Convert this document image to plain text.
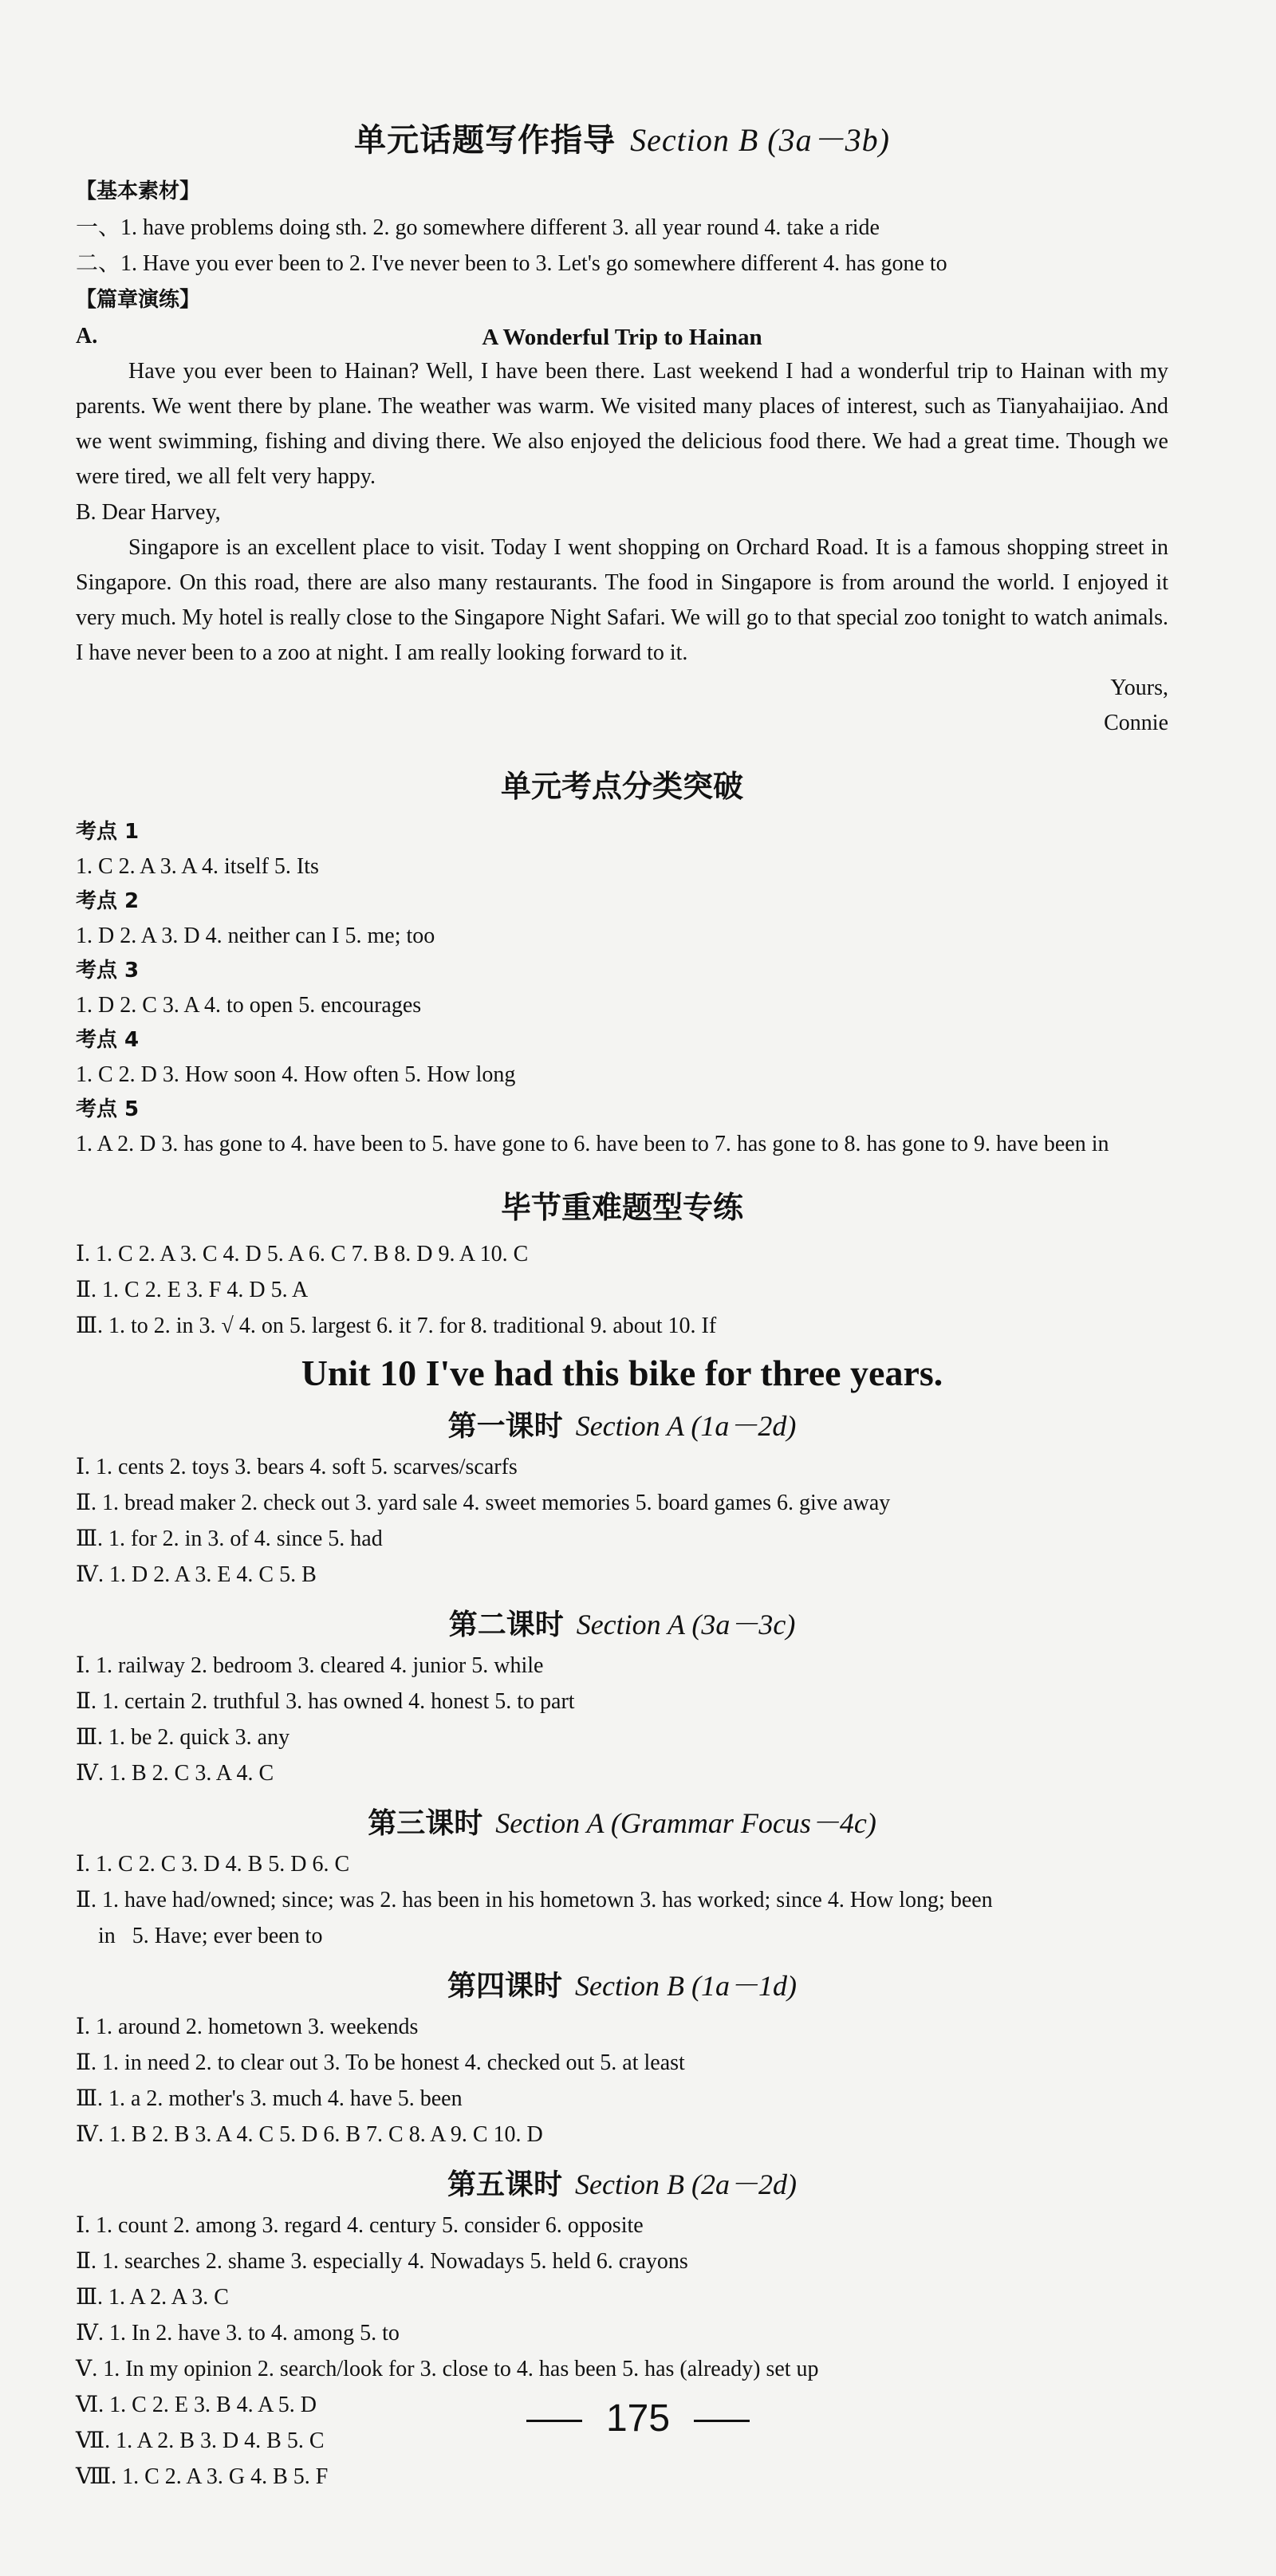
单元话题写作指导 Section B (3a－3b)
【基本素材】
一、1. have problems doing sth. 2. go somewhere different 3. all year round 4. take a ride
二、1. Have you ever been to 2. I've never been to 3. Let's go somewhere different 4. has gone to
【篇章演练】
A.	A Wonderful Trip to Hainan
Have you ever been to Hainan? Well, I have been there. Last weekend I had a wonderful trip to Hainan with my parents. We went there by plane. The weather was warm. We visited many places of interest, such as Tianyahaijiao. And we went swimming, fishing and diving there. We also enjoyed the delicious food there. We had a great time. Though we were tired, we all felt very happy.
B. Dear Harvey,
Singapore is an excellent place to visit. Today I went shopping on Orchard Road. It is a famous shopping street in Singapore. On this road, there are also many restaurants. The food in Singapore is from around the world. I enjoyed it very much. My hotel is really close to the Singapore Night Safari. We will go to that special zoo tonight to watch animals. I have never been to a zoo at night. I am really looking forward to it.
Yours,
Connie
单元考点分类突破
考点 1
1. C 2. A 3. A 4. itself 5. Its
考点 2
1. D 2. A 3. D 4. neither can I 5. me; too
考点 3
1. D 2. C 3. A 4. to open 5. encourages
考点 4
1. C 2. D 3. How soon 4. How often 5. How long
考点 5
1. A 2. D 3. has gone to 4. have been to 5. have gone to 6. have been to 7. has gone to 8. has gone to 9. have been in
毕节重难题型专练
Ⅰ. 1. C 2. A 3. C 4. D 5. A 6. C 7. B 8. D 9. A 10. C
Ⅱ. 1. C 2. E 3. F 4. D 5. A
Ⅲ. 1. to 2. in 3. √ 4. on 5. largest 6. it 7. for 8. traditional 9. about 10. If
Unit 10 I've had this bike for three years.
第一课时 Section A (1a－2d)
Ⅰ. 1. cents 2. toys 3. bears 4. soft 5. scarves/scarfs
Ⅱ. 1. bread maker 2. check out 3. yard sale 4. sweet memories 5. board games 6. give away
Ⅲ. 1. for 2. in 3. of 4. since 5. had
Ⅳ. 1. D 2. A 3. E 4. C 5. B
第二课时 Section A (3a－3c)
Ⅰ. 1. railway 2. bedroom 3. cleared 4. junior 5. while
Ⅱ. 1. certain 2. truthful 3. has owned 4. honest 5. to part
Ⅲ. 1. be 2. quick 3. any
Ⅳ. 1. B 2. C 3. A 4. C
第三课时 Section A (Grammar Focus－4c)
Ⅰ. 1. C 2. C 3. D 4. B 5. D 6. C
Ⅱ. 1. have had/owned; since; was 2. has been in his hometown 3. has worked; since 4. How long; been
in   5. Have; ever been to
第四课时 Section B (1a－1d)
Ⅰ. 1. around 2. hometown 3. weekends
Ⅱ. 1. in need 2. to clear out 3. To be honest 4. checked out 5. at least
Ⅲ. 1. a 2. mother's 3. much 4. have 5. been
Ⅳ. 1. B 2. B 3. A 4. C 5. D 6. B 7. C 8. A 9. C 10. D
第五课时 Section B (2a－2d)
Ⅰ. 1. count 2. among 3. regard 4. century 5. consider 6. opposite
Ⅱ. 1. searches 2. shame 3. especially 4. Nowadays 5. held 6. crayons
Ⅲ. 1. A 2. A 3. C
Ⅳ. 1. In 2. have 3. to 4. among 5. to
Ⅴ. 1. In my opinion 2. search/look for 3. close to 4. has been 5. has (already) set up
Ⅵ. 1. C 2. E 3. B 4. A 5. D
Ⅶ. 1. A 2. B 3. D 4. B 5. C
Ⅷ. 1. C 2. A 3. G 4. B 5. F
175
